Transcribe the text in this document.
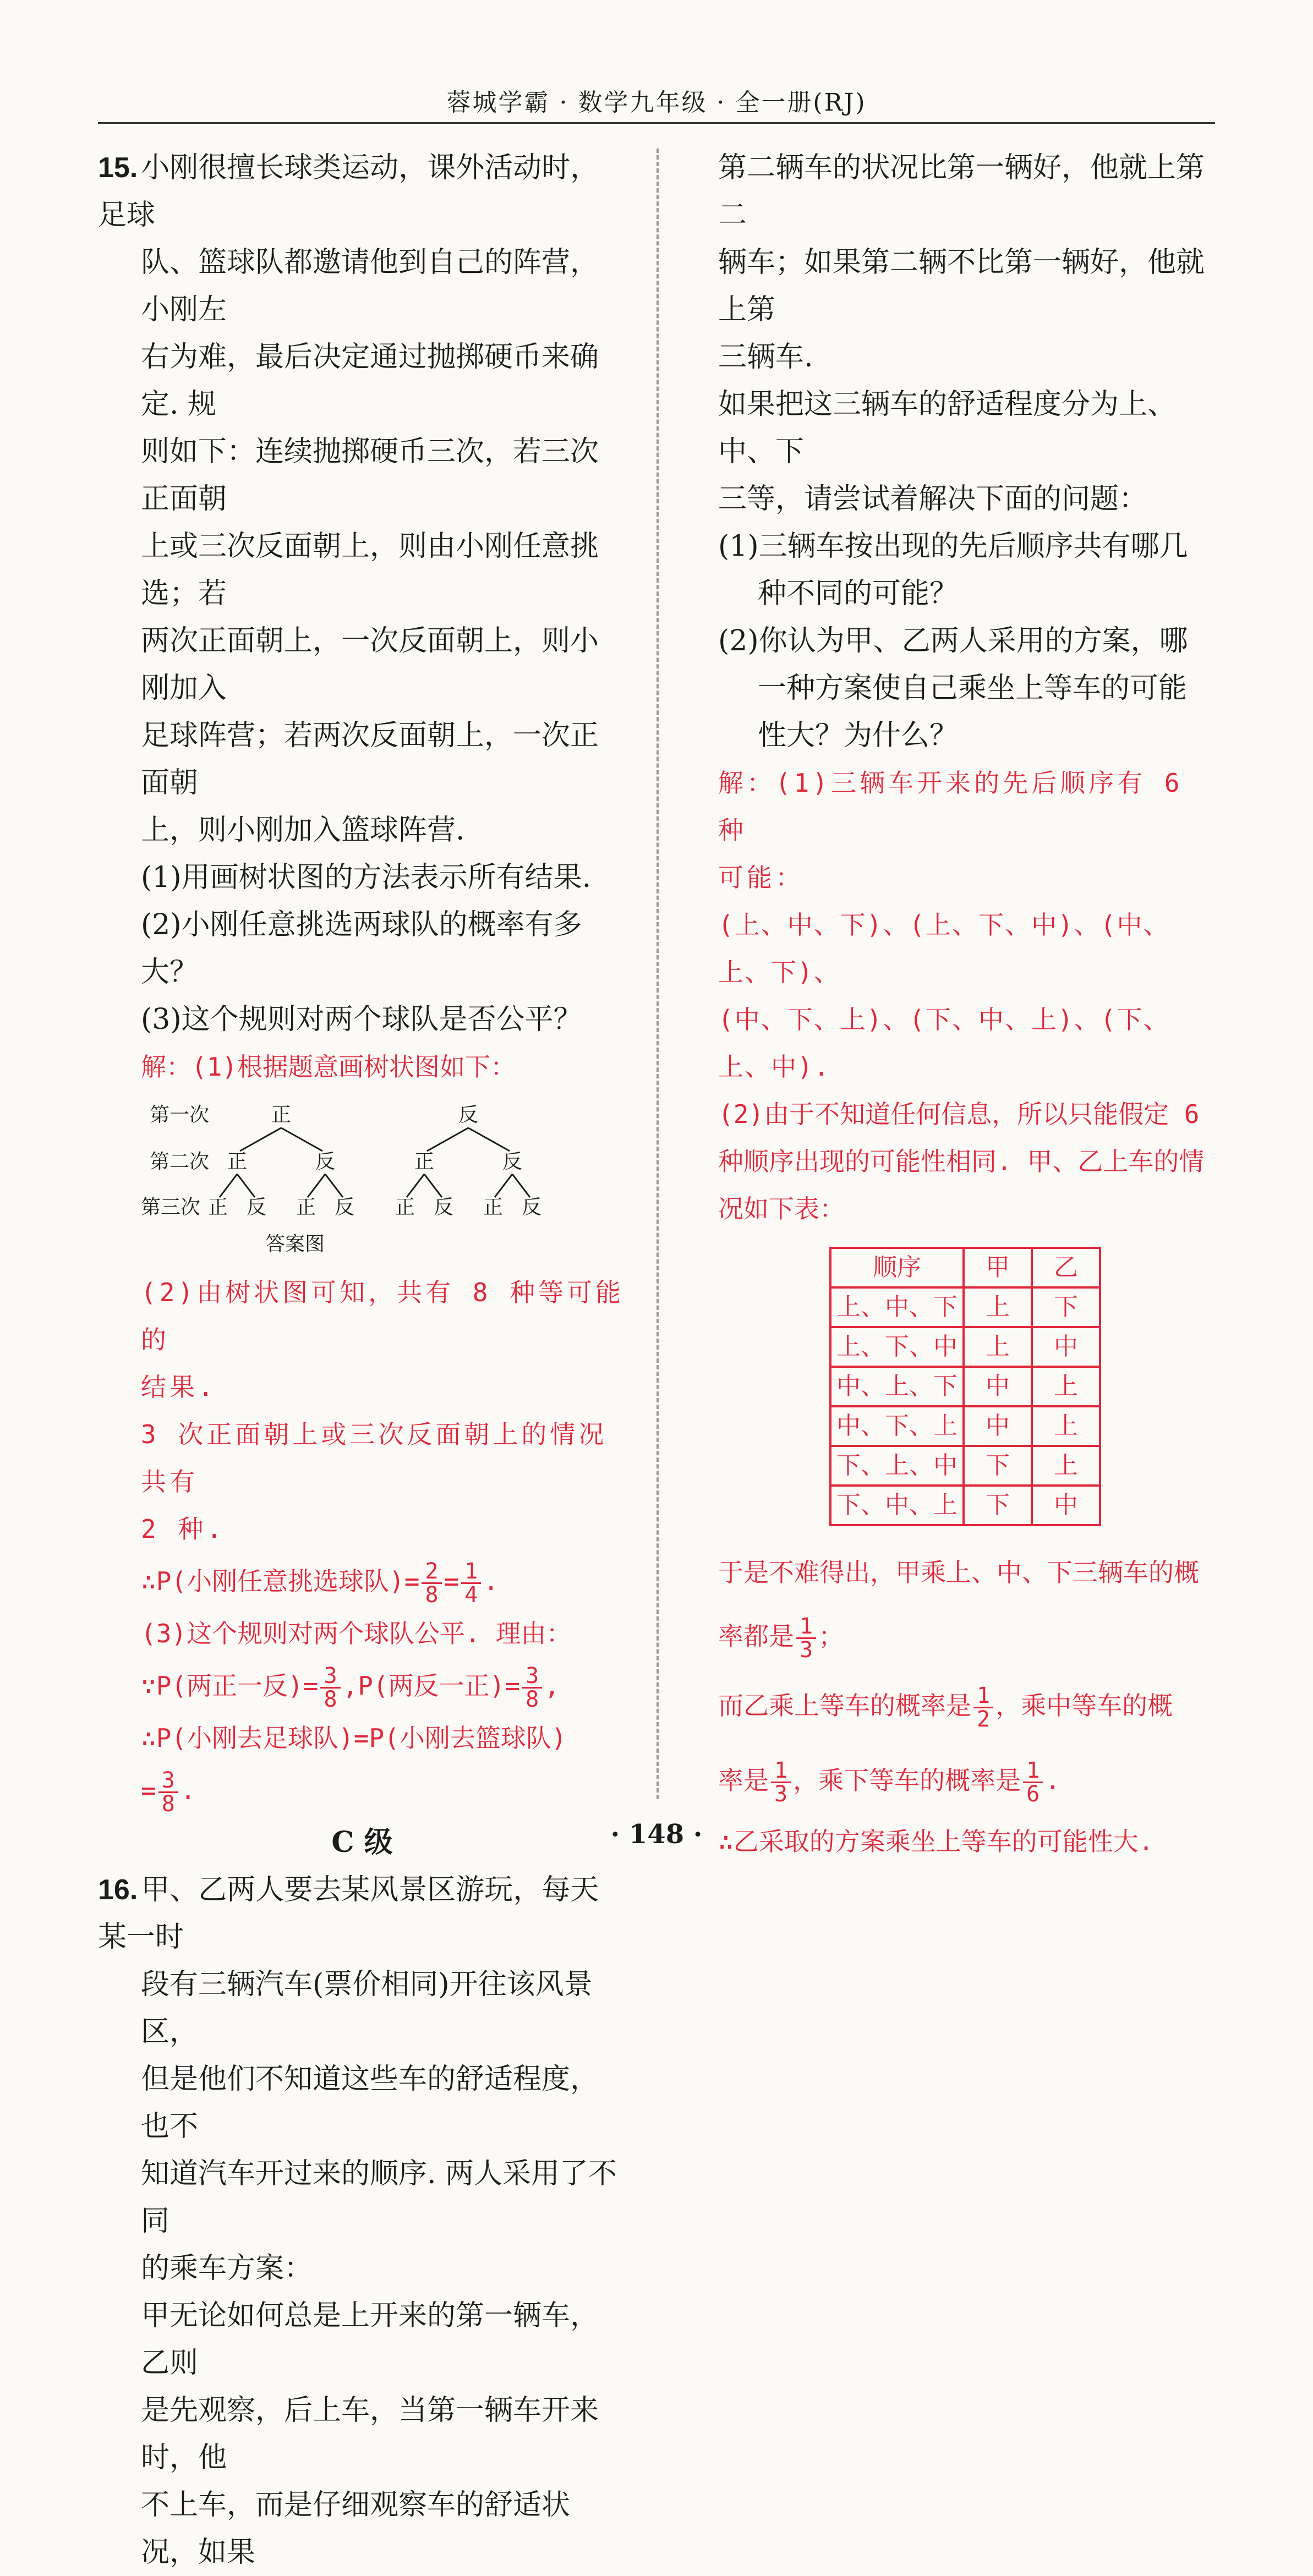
蓉城学霸 · 数学九年级 · 全一册(RJ)

15. 小刚很擅长球类运动，课外活动时，足球

队、篮球队都邀请他到自己的阵营，小刚左

右为难，最后决定通过抛掷硬币来确定. 规

则如下：连续抛掷硬币三次，若三次正面朝

上或三次反面朝上，则由小刚任意挑选；若

两次正面朝上，一次反面朝上，则小刚加入

足球阵营；若两次反面朝上，一次正面朝

上，则小刚加入篮球阵营.

(1)用画树状图的方法表示所有结果.

(2)小刚任意挑选两球队的概率有多大？

(3)这个规则对两个球队是否公平？

解：(1)根据题意画树状图如下：

第一次
第二次
第三次
正	反
正	反	正	反
正 反 正 反 正 反 正 反
答案图

(2)由树状图可知，共有 8 种等可能的

结果.

3 次正面朝上或三次反面朝上的情况共有

2 种.

∴P(小刚任意挑选球队)= $\frac{2}{8} = \frac{1}{4}$ .

(3)这个规则对两个球队公平. 理由：

∵P(两正一反)= $\frac{3}{8} ,P$(两反一正)= $\frac{3}{8}$ ,

∴P(小刚去足球队)=P(小刚去篮球队)

= $\frac{3}{8}$ .

C 级

16. 甲、乙两人要去某风景区游玩，每天某一时

段有三辆汽车(票价相同)开往该风景区，

但是他们不知道这些车的舒适程度，也不

知道汽车开过来的顺序. 两人采用了不同

的乘车方案：

甲无论如何总是上开来的第一辆车，乙则

是先观察，后上车，当第一辆车开来时，他

不上车，而是仔细观察车的舒适状况，如果

第二辆车的状况比第一辆好，他就上第二

辆车；如果第二辆不比第一辆好，他就上第

三辆车.

如果把这三辆车的舒适程度分为上、中、下

三等，请尝试着解决下面的问题：

(1)三辆车按出现的先后顺序共有哪几种不同的可能？

(2)你认为甲、乙两人采用的方案，哪一种方案使自己乘坐上等车的可能性大？为什么？

解：(1)三辆车开来的先后顺序有 6 种

可能：

(上、中、下)、(上、下、中)、(中、上、下)、

(中、下、上)、(下、中、上)、(下、上、中).

(2)由于不知道任何信息，所以只能假定 6

种顺序出现的可能性相同. 甲、乙上车的情

况如下表：

顺序	甲	乙
上、中、下	上	下
上、下、中	上	中
中、上、下	中	上
中、下、上	中	上
下、上、中	下	上
下、中、上	下	中

于是不难得出，甲乘上、中、下三辆车的概

率都是 $\frac{1}{3}$ ；

而乙乘上等车的概率是 $\frac{1}{2}$ ，乘中等车的概

率是 $\frac{1}{3}$ ，乘下等车的概率是 $\frac{1}{6}$ .

∴乙采取的方案乘坐上等车的可能性大.

· 148 ·
